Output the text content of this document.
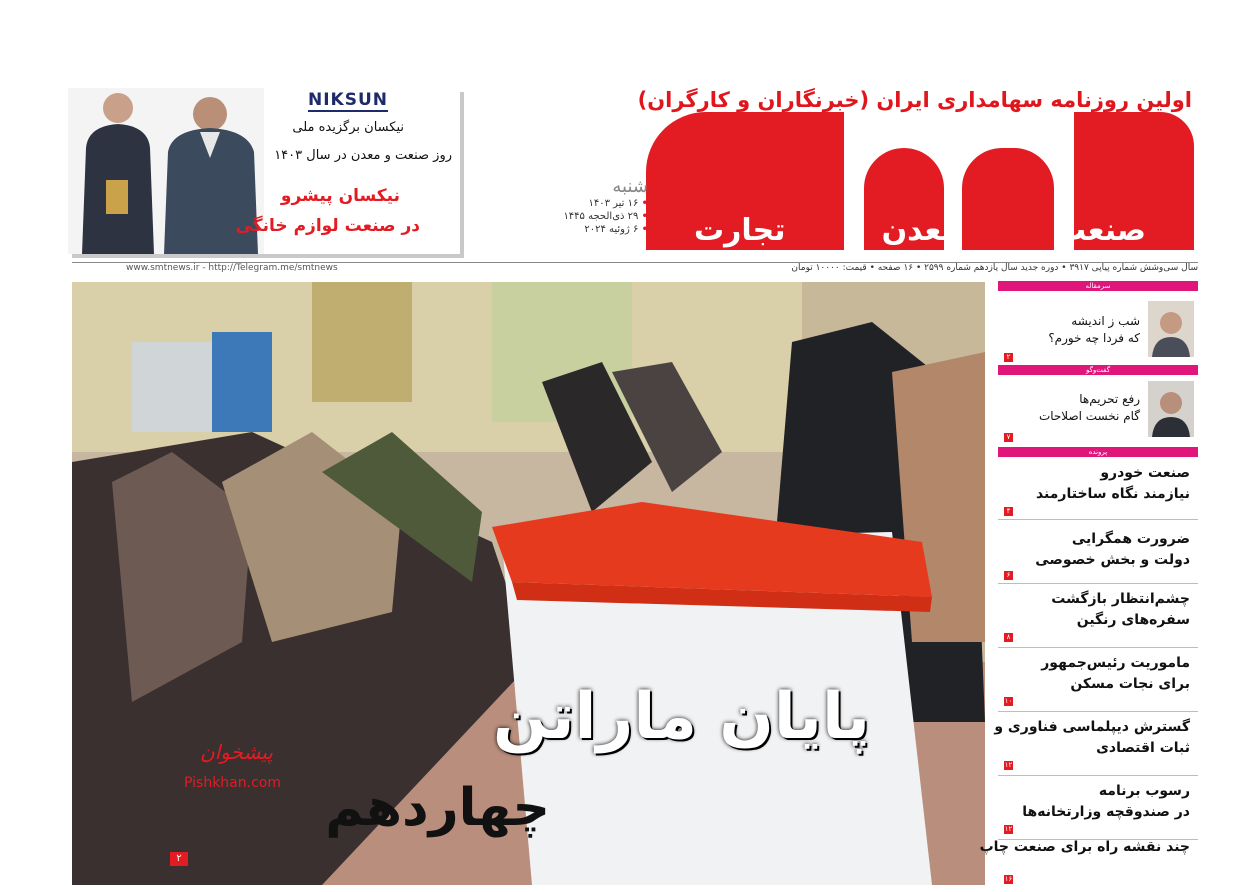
اولین روزنامه سهامداری ایران (خبرنگاران و کارگران)
صنعت
معدن
تجارت
شنبه
• ۱۶ تیر ۱۴۰۳
• ۲۹ ذی‌الحجه ۱۴۴۵
• ۶ ژوئیه ۲۰۲۴
NIKSUN
نیکسان برگزیده ملی
روز صنعت و معدن در سال ۱۴۰۳
نیکسان پیشرو
در صنعت لوازم خانگی
سال سی‌وشش شماره پیاپی ۳۹۱۷ • دوره جدید سال یازدهم شماره ۲۵۹۹ • ۱۶ صفحه • قیمت: ۱۰۰۰۰ تومان
www.smtnews.ir - http://Telegram.me/smtnews
پایان ماراتن
چهاردهم
پیشخوان
Pishkhan.com
۲
سرمقاله
شب ز اندیشه
که فردا چه خورم؟
۲
گفت‌وگو
رفع تحریم‌ها
گام نخست اصلاحات
۷
پرونده
صنعت خودرو
نیازمند نگاه ساختارمند
۴
ضرورت همگرایی
دولت و بخش خصوصی
۶
چشم‌انتظار بازگشت
سفره‌های رنگین
۸
ماموریت رئیس‌جمهور
برای نجات مسکن
۱۰
گسترش دیپلماسی فناوری و
ثبات اقتصادی
۱۲
رسوب برنامه
در صندوقچه وزارتخانه‌ها
۱۲
چند نقشه راه برای صنعت چاپ
۱۶
